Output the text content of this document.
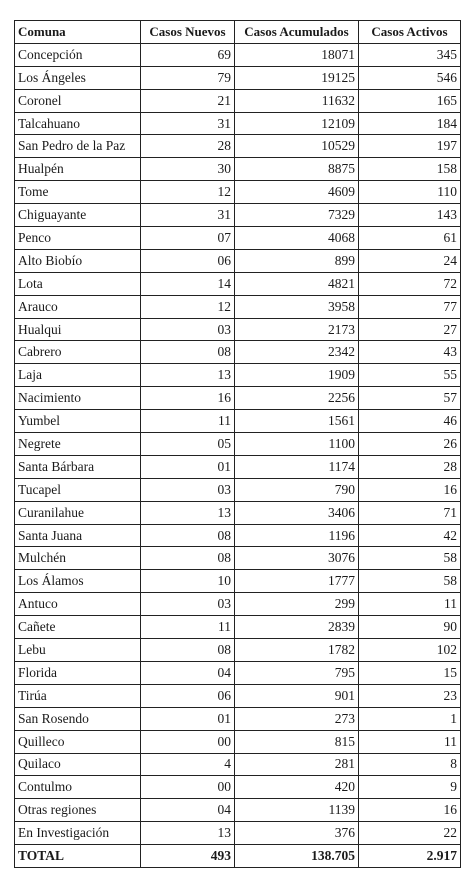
Comuna	Casos Nuevos	Casos Acumulados	Casos Activos
Concepción	69	18071	345
Los Ángeles	79	19125	546
Coronel	21	11632	165
Talcahuano	31	12109	184
San Pedro de la Paz	28	10529	197
Hualpén	30	8875	158
Tome	12	4609	110
Chiguayante	31	7329	143
Penco	07	4068	61
Alto Biobío	06	899	24
Lota	14	4821	72
Arauco	12	3958	77
Hualqui	03	2173	27
Cabrero	08	2342	43
Laja	13	1909	55
Nacimiento	16	2256	57
Yumbel	11	1561	46
Negrete	05	1100	26
Santa Bárbara	01	1174	28
Tucapel	03	790	16
Curanilahue	13	3406	71
Santa Juana	08	1196	42
Mulchén	08	3076	58
Los Álamos	10	1777	58
Antuco	03	299	11
Cañete	11	2839	90
Lebu	08	1782	102
Florida	04	795	15
Tirúa	06	901	23
San Rosendo	01	273	1
Quilleco	00	815	11
Quilaco	4	281	8
Contulmo	00	420	9
Otras regiones	04	1139	16
En Investigación	13	376	22
TOTAL	493	138.705	2.917
